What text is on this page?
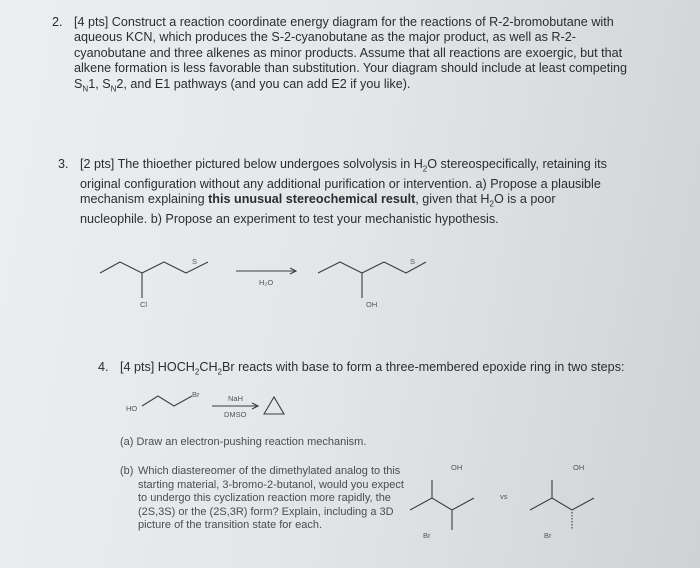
2. [4 pts] Construct a reaction coordinate energy diagram for the reactions of R-2-bromobutane with aqueous KCN, which produces the S-2-cyanobutane as the major product, as well as R-2-cyanobutane and three alkenes as minor products. Assume that all reactions are exoergic, but that alkene formation is less favorable than substitution. Your diagram should include at least competing $S_N1$, $S_N2$, and E1 pathways (and you can add E2 if you like).
3. [2 pts] The thioether pictured below undergoes solvolysis in $H_2O$ stereospecifically, retaining its original configuration without any additional purification or intervention. a) Propose a plausible mechanism explaining this unusual stereochemical result, given that $H_2O$ is a poor nucleophile. b) Propose an experiment to test your mechanistic hypothesis.
S
Cl
H₂O
S
OH
4. [4 pts] $HOCH_2CH_2Br$ reacts with base to form a three-membered epoxide ring in two steps:
HO
Br	NaH
DMSO
(a) Draw an electron-pushing reaction mechanism.
(b) Which diastereomer of the dimethylated analog to this starting material, 3-bromo-2-butanol, would you expect to undergo this cyclization reaction more rapidly, the (2S,3S) or the (2S,3R) form? Explain, including a 3D picture of the transition state for each.
OH
vs
OH
Br	Br
